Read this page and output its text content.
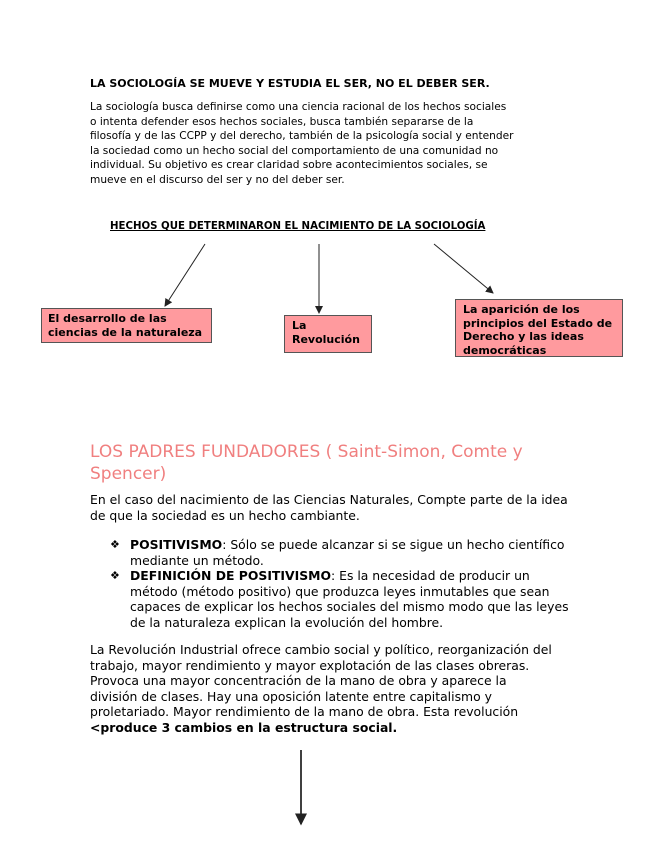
LA SOCIOLOGÍA SE MUEVE Y ESTUDIA EL SER, NO EL DEBER SER.

La sociología busca definirse como una ciencia racional de los hechos sociales

o intenta defender esos hechos sociales, busca también separarse de la

filosofía y de las CCPP y del derecho, también de la psicología social y entender

la sociedad como un hecho social del comportamiento de una comunidad no

individual. Su objetivo es crear claridad sobre acontecimientos sociales, se

mueve en el discurso del ser y no del deber ser.

HECHOS QUE DETERMINARON EL NACIMIENTO DE LA SOCIOLOGÍA
El desarrollo de las ciencias de la naturaleza	La Revolución
La aparición de los principios del Estado de Derecho y las ideas democráticas
LOS PADRES FUNDADORES ( Saint-Simon, Comte y Spencer)
En el caso del nacimiento de las Ciencias Naturales, Compte parte de la idea de que la sociedad es un hecho cambiante.
❖ POSITIVISMO: Sólo se puede alcanzar si se sigue un hecho científico mediante un método.
❖ DEFINICIÓN DE POSITIVISMO: Es la necesidad de producir un método (método positivo) que produzca leyes inmutables que sean capaces de explicar los hechos sociales del mismo modo que las leyes de la naturaleza explican la evolución del hombre.
La Revolución Industrial ofrece cambio social y político, reorganización del trabajo, mayor rendimiento y mayor explotación de las clases obreras. Provoca una mayor concentración de la mano de obra y aparece la división de clases. Hay una oposición latente entre capitalismo y proletariado. Mayor rendimiento de la mano de obra. Esta revolución <produce 3 cambios en la estructura social.
